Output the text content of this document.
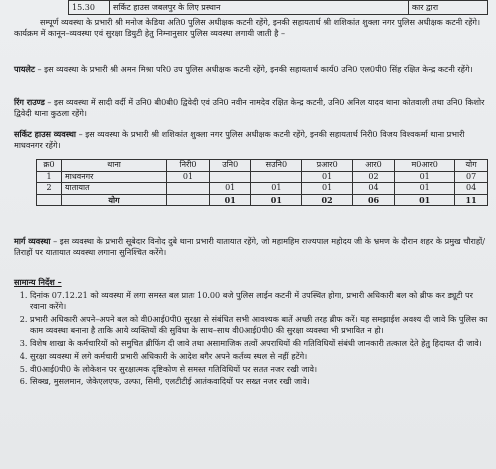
15.30	सर्किट हाउस जबलपुर के लिए प्रस्थान	कार द्वारा

सम्पूर्ण व्यवस्था के प्रभारी श्री मनोज केडिया अति0 पुलिस अधीक्षक कटनी रहेंगे, इनकी सहायतार्थ श्री शशिकांत शुक्ला नगर पुलिस अधीक्षक कटनी रहेंगे। कार्यक्रम में कानून–व्यवस्था एवं सुरक्षा डियुटी हेतु निम्नानुसार पुलिस व्यवस्था लगायी जाती है –

पायलेट – इस व्यवस्था के प्रभारी श्री अमन मिश्रा परि0 उप पुलिस अधीक्षक कटनी रहेंगे, इनकी सहायतार्थ कार्य0 उनि0 एल0पी0 सिंह रक्षित केन्द्र कटनी रहेंगे।

रिंग राउण्ड – इस व्यवस्था में सादी वर्दी में उनि0 बी0बी0 द्विवेदी एवं उनि0 नवीन नामदेव रक्षित केन्द्र कटनी, उनि0 अनिल यादव थाना कोतवाली तथा उनि0 किशोर द्विवेदी थाना कुठला रहेंगे।

सर्किट हाउस व्यवस्था – इस व्यवस्था के प्रभारी श्री शशिकांत शुक्ला नगर पुलिस अधीक्षक कटनी रहेंगे, इनकी सहायतार्थ निरी0 विजय विश्वकर्मा थाना प्रभारी माधवनगर रहेंगे।

क्र0	थाना	निरी0	उनि0	सउनि0	प्रआर0	आर0	म0आर0	योग
1	माधवनगर	01			01	02	01	07
2	यातायात		01	01	01	04	01	04
	योग		01	01	02	06	01	11

मार्ग व्यवस्था – इस व्यवस्था के प्रभारी सूबेदार विनोद दुबे थाना प्रभारी यातायात रहेंगे, जो महामहिम राज्यपाल महोदय जी के भ्रमण के दौरान शहर के प्रमुख चौराहों/तिराहों पर यातायात व्यवस्था लगाना सुनिश्चित करेंगे।

सामान्य निर्देश –

1. दिनांक 07.12.21 को व्यवस्था में लगा समस्त बल प्रातः 10.00 बजे पुलिस लाईन कटनी में उपस्थित होगा, प्रभारी अधिकारी बल को ब्रीफ कर ड्यूटी पर रवाना करेंगे।
2. प्रभारी अधिकारी अपने–अपने बल को वी0आई0पी0 सुरक्षा से संबंधित सभी आवश्यक बातें अच्छी तरह ब्रीफ करें। यह समझाईश अवश्य दी जावे कि पुलिस का काम व्यवस्था बनाना है ताकि आये व्यक्तियों की सुविधा के साथ–साथ वी0आई0पी0 की सुरक्षा व्यवस्था भी प्रभावित न हो।
3. विशेष शाखा के कर्मचारियों को समुचित ब्रीफिंग दी जावे तथा असामाजिक तत्वों अपराधियों की गतिविधियों संबंधी जानकारी तत्काल देते हेतु हिदायत दी जावे।
4. सुरक्षा व्यवस्था में लगे कर्मचारी प्रभारी अधिकारी के आदेश बगैर अपने कर्तव्य स्थल से नहीं हटेंगे।
5. वी0आई0पी0 के लोकेशन पर सुरक्षात्मक दृष्टिकोण से समस्त गतिविधियों पर सतत नजर रखी जावे।
6. सिक्ख, मुसलमान, जेकेएलएफ, उल्फा, सिमी, एलटीटीई आतंकवादियों पर सख्त नजर रखी जावे।
